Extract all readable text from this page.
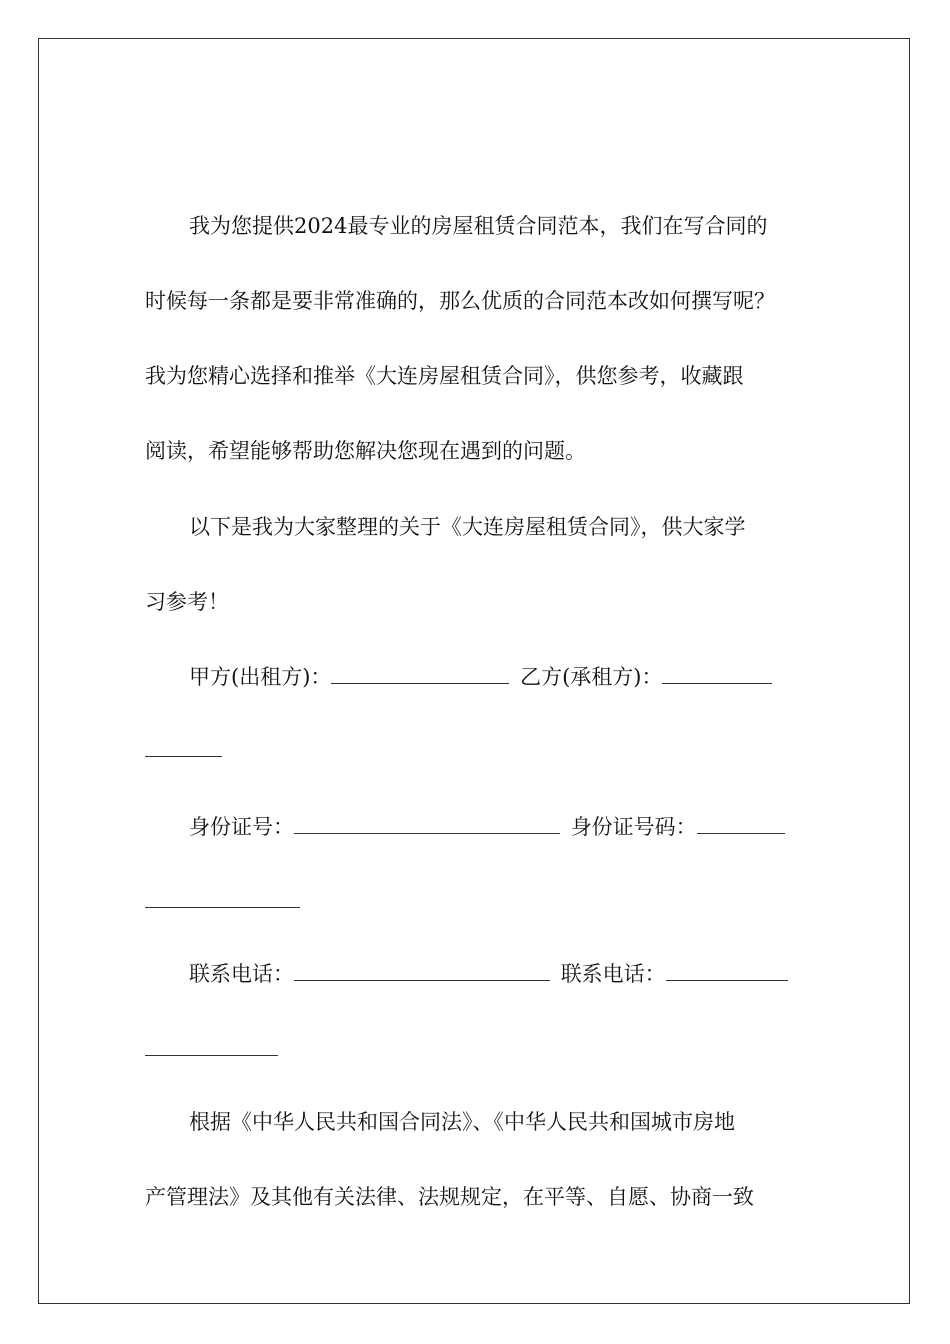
我为您提供2024最专业的房屋租赁合同范本，我们在写合同的
时候每一条都是要非常准确的，那么优质的合同范本改如何撰写呢？
我为您精心选择和推举《大连房屋租赁合同》，供您参考，收藏跟
阅读，希望能够帮助您解决您现在遇到的问题。
以下是我为大家整理的关于《大连房屋租赁合同》，供大家学
习参考！
甲方(出租方)：	乙方(承租方)：
身份证号：	身份证号码：
联系电话：	联系电话：
根据《中华人民共和国合同法》、《中华人民共和国城市房地
产管理法》及其他有关法律、法规规定，在平等、自愿、协商一致
